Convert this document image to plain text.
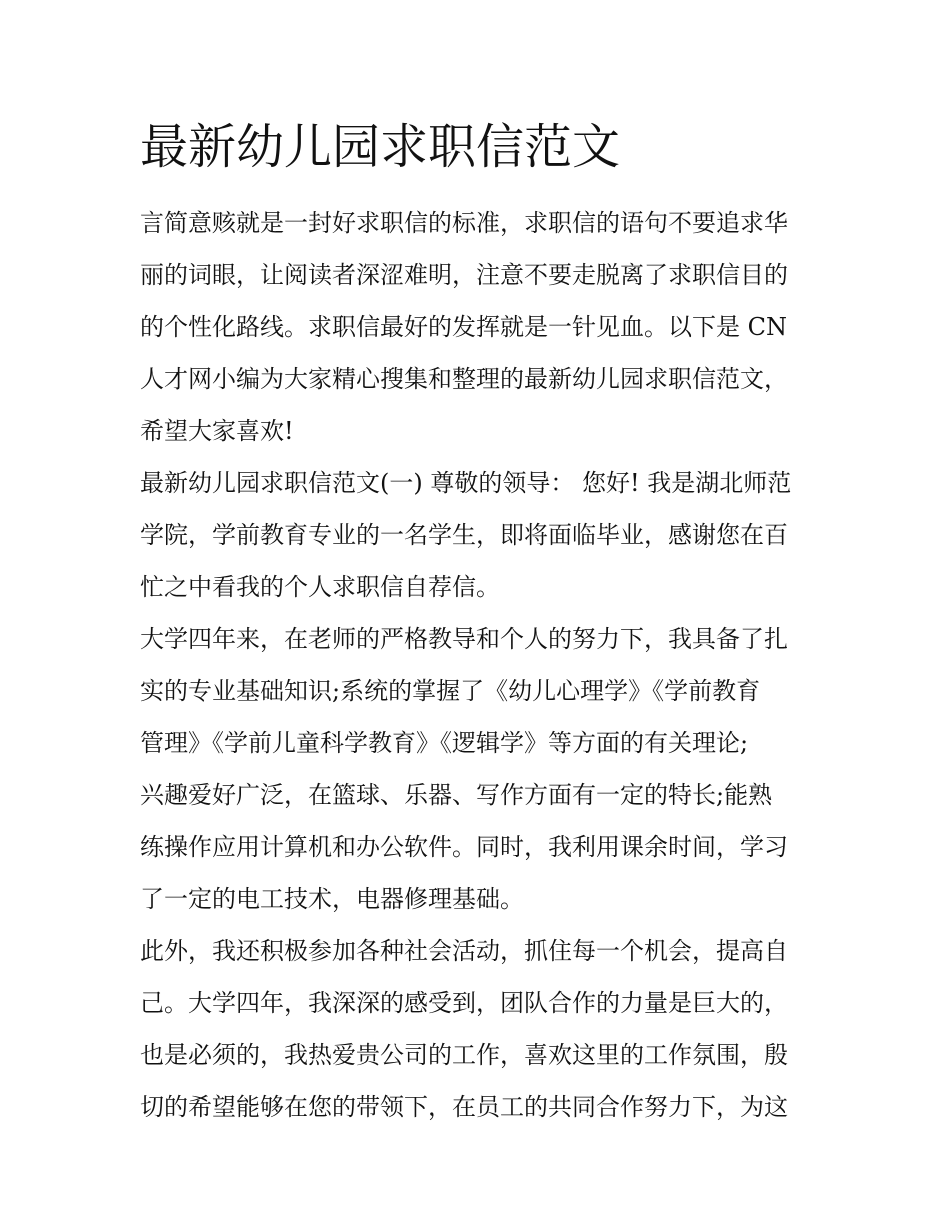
最新幼儿园求职信范文
言简意赅就是一封好求职信的标准，求职信的语句不要追求华
丽的词眼，让阅读者深涩难明，注意不要走脱离了求职信目的
的个性化路线。求职信最好的发挥就是一针见血。以下是 CN
人才网小编为大家精心搜集和整理的最新幼儿园求职信范文，
希望大家喜欢!
最新幼儿园求职信范文(一) 尊敬的领导： 您好! 我是湖北师范
学院，学前教育专业的一名学生，即将面临毕业，感谢您在百
忙之中看我的个人求职信自荐信。
大学四年来，在老师的严格教导和个人的努力下，我具备了扎
实的专业基础知识;系统的掌握了《幼儿心理学》《学前教育
管理》《学前儿童科学教育》《逻辑学》等方面的有关理论;
兴趣爱好广泛，在篮球、乐器、写作方面有一定的特长;能熟
练操作应用计算机和办公软件。同时，我利用课余时间，学习
了一定的电工技术，电器修理基础。
此外，我还积极参加各种社会活动，抓住每一个机会，提高自
己。大学四年，我深深的感受到，团队合作的力量是巨大的，
也是必须的，我热爱贵公司的工作，喜欢这里的工作氛围，殷
切的希望能够在您的带领下，在员工的共同合作努力下，为这
